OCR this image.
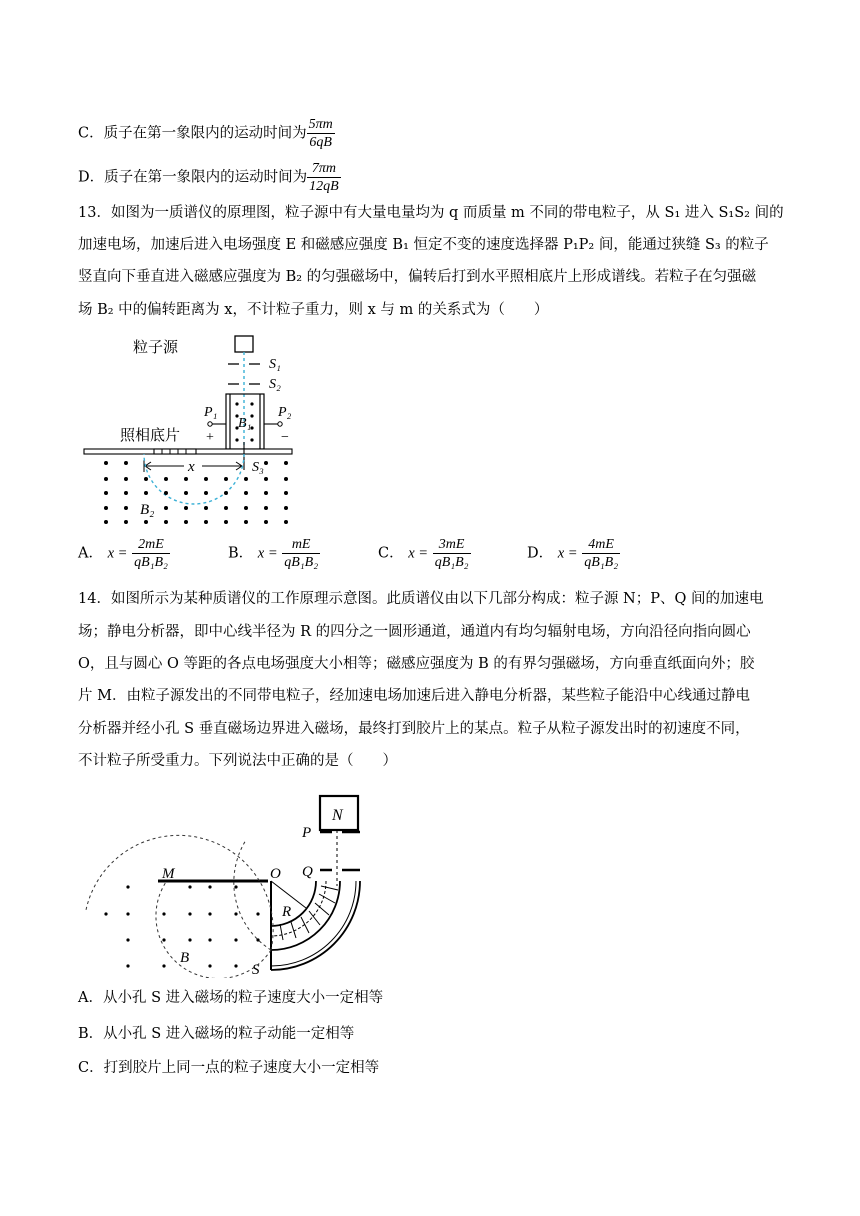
C．质子在第一象限内的运动时间为 $\frac{5\pi m}{6qB}$
D．质子在第一象限内的运动时间为 $\frac{7\pi m}{12qB}$
13．如图为一质谱仪的原理图，粒子源中有大量电量均为 q 而质量 m 不同的带电粒子，从 S₁ 进入 S₁S₂ 间的
加速电场，加速后进入电场强度 E 和磁感应强度 B₁ 恒定不变的速度选择器 P₁P₂ 间，能通过狭缝 S₃ 的粒子
竖直向下垂直进入磁感应强度为 B₂ 的匀强磁场中，偏转后打到水平照相底片上形成谱线。若粒子在匀强磁
场 B₂ 中的偏转距离为 x，不计粒子重力，则 x 与 m 的关系式为（　　）
粒子源
S₁
S₂
B₁
P₁
+
P₂
−
照相底片
S₃
x
B₂
A． $x = \frac{2mE}{\text{qB₁B₂}}$	B． $x = \frac{mE}{\text{qB₁B₂}}$	C． $x = \frac{3mE}{\text{qB₁B₂}}$	D． $x = \frac{4mE}{\text{qB₁B₂}}$
14．如图所示为某种质谱仪的工作原理示意图。此质谱仪由以下几部分构成：粒子源 N；P、Q 间的加速电
场；静电分析器，即中心线半径为 R 的四分之一圆形通道，通道内有均匀辐射电场，方向沿径向指向圆心
O，且与圆心 O 等距的各点电场强度大小相等；磁感应强度为 B 的有界匀强磁场，方向垂直纸面向外；胶
片 M．由粒子源发出的不同带电粒子，经加速电场加速后进入静电分析器，某些粒子能沿中心线通过静电
分析器并经小孔 S 垂直磁场边界进入磁场，最终打到胶片上的某点。粒子从粒子源发出时的初速度不同，
不计粒子所受重力。下列说法中正确的是（　　）
N
P
Q
M	O
R
B
S
A．从小孔 S 进入磁场的粒子速度大小一定相等
B．从小孔 S 进入磁场的粒子动能一定相等
C．打到胶片上同一点的粒子速度大小一定相等
